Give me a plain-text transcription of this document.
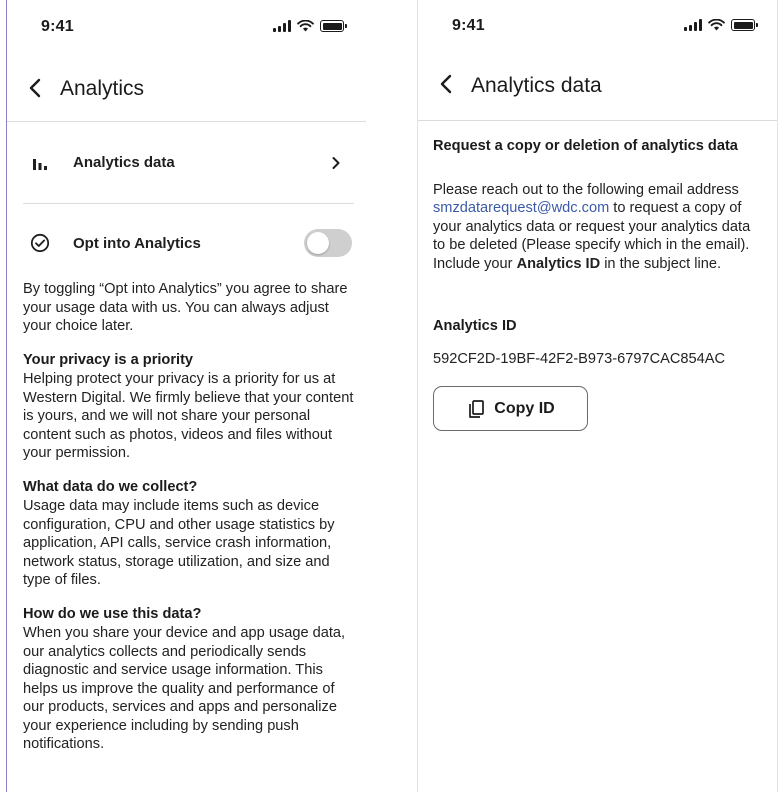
9:41
Analytics
Analytics data
Opt into Analytics

By toggling “Opt into Analytics” you agree to share your usage data with us. You can always adjust your choice later.

Your privacy is a priority
Helping protect your privacy is a priority for us at Western Digital. We firmly believe that your content is yours, and we will not share your personal content such as photos, videos and files without your permission.
What data do we collect?
Usage data may include items such as device configuration, CPU and other usage statistics by application, API calls, service crash information, network status, storage utilization, and size and type of files.
How do we use this data?
When you share your device and app usage data, our analytics collects and periodically sends diagnostic and service usage information. This helps us improve the quality and performance of our products, services and apps and personalize your experience including by sending push notifications.
9:41
Analytics data
Request a copy or deletion of analytics data
Please reach out to the following email address smzdatarequest@wdc.com to request a copy of your analytics data or request your analytics data to be deleted (Please specify which in the email). Include your Analytics ID in the subject line.
Analytics ID
592CF2D-19BF-42F2-B973-6797CAC854AC
Copy ID
